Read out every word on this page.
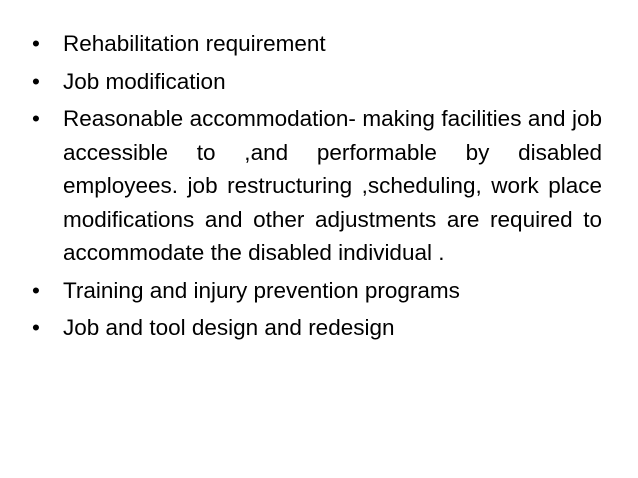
•	Rehabilitation requirement
•	Job modification
•	Reasonable accommodation- making facilities and job accessible to ,and performable by disabled employees. job restructuring ,scheduling, work place modifications and other adjustments are required to accommodate the disabled individual .
•	Training and injury prevention programs
•	Job and tool design and redesign
